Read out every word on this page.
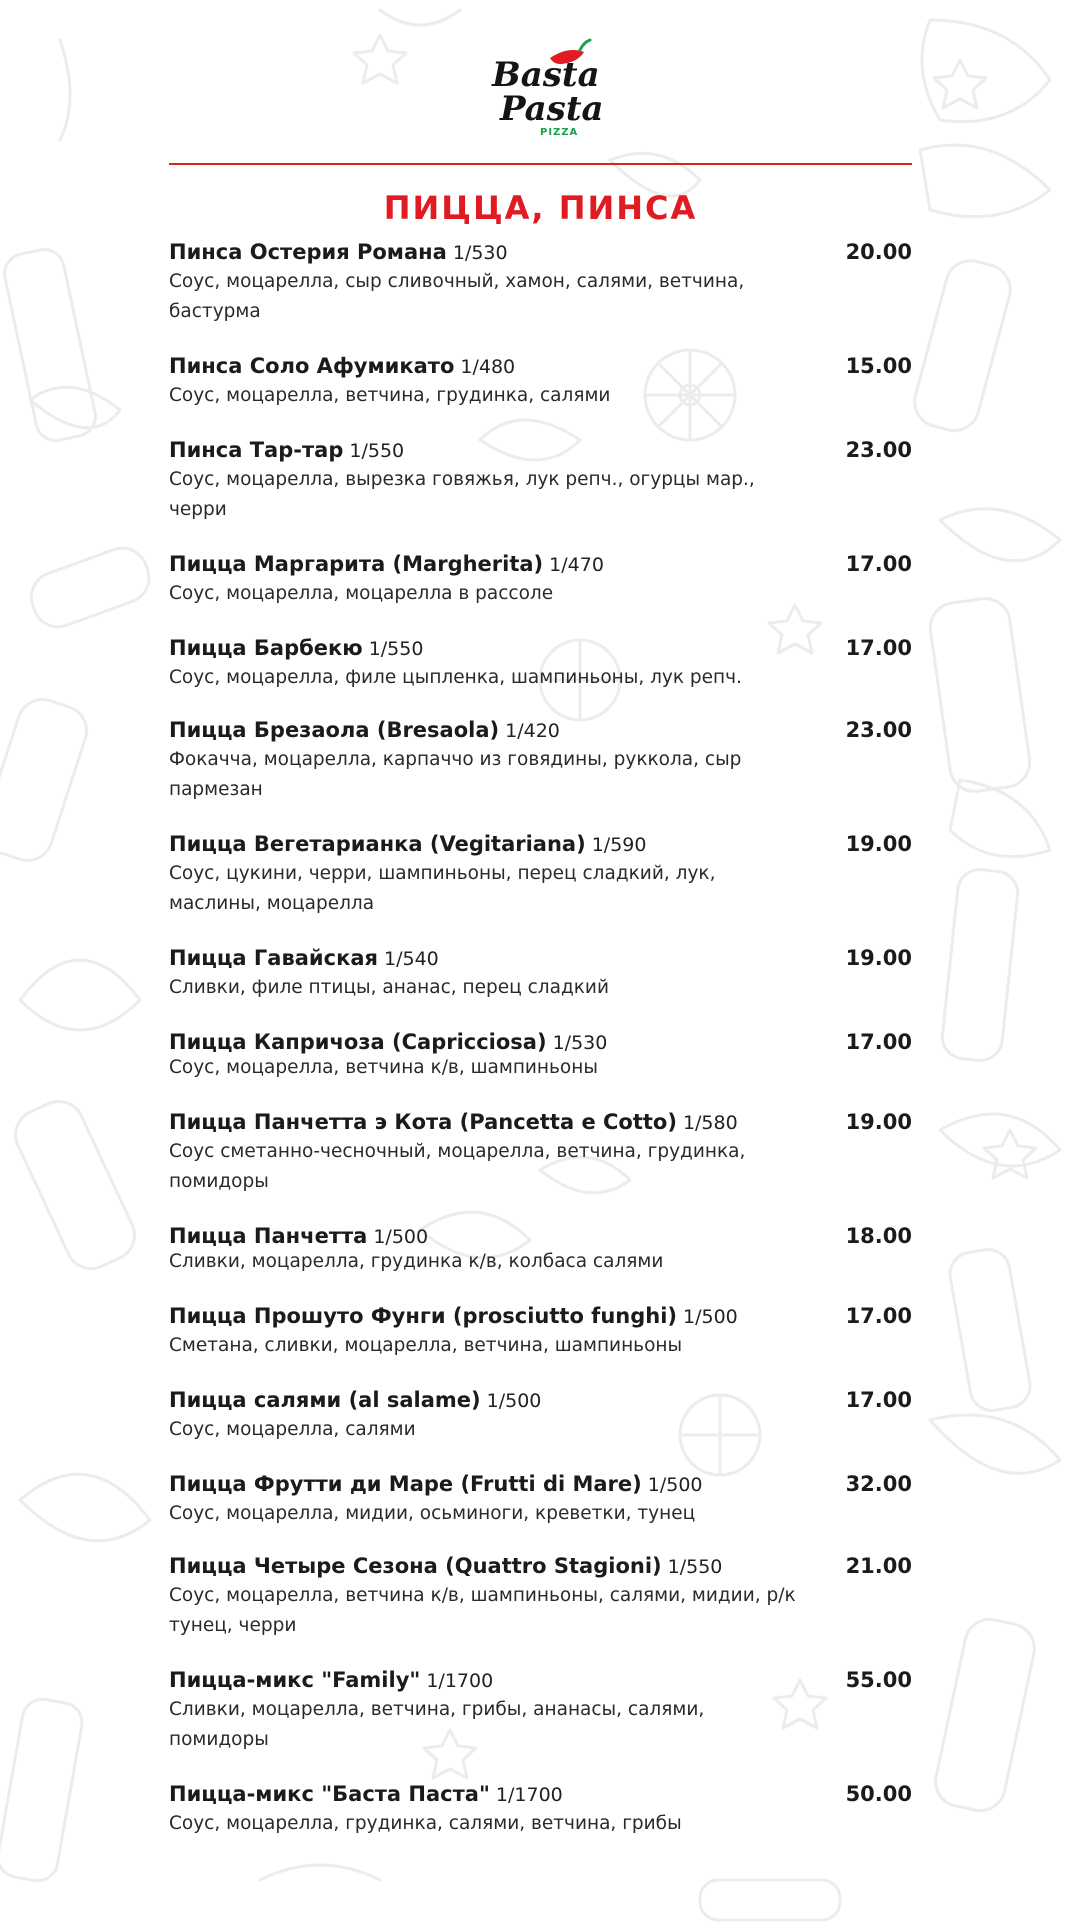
Basta
Pasta
PIZZA
ПИЦЦА, ПИНСА
Пинса Остерия Романа 1/530	20.00
Соус, моцарелла, сыр сливочный, хамон, салями, ветчина, бастурма
Пинса Соло Афумикато 1/480	15.00
Соус, моцарелла, ветчина, грудинка, салями
Пинса Тар-тар 1/550	23.00
Соус, моцарелла, вырезка говяжья, лук репч., огурцы мар., черри
Пицца Маргарита (Margherita) 1/470	17.00
Соус, моцарелла, моцарелла в рассоле
Пицца Барбекю 1/550	17.00
Соус, моцарелла, филе цыпленка, шампиньоны, лук репч.
Пицца Брезаола (Bresaola) 1/420	23.00
Фокачча, моцарелла, карпаччо из говядины, руккола, сыр пармезан
Пицца Вегетарианка (Vegitariana) 1/590	19.00
Соус, цукини, черри, шампиньоны, перец сладкий, лук, маслины, моцарелла
Пицца Гавайская 1/540	19.00
Сливки, филе птицы, ананас, перец сладкий
Пицца Капричоза (Capricciosa) 1/530	17.00
Соус, моцарелла, ветчина к/в, шампиньоны
Пицца Панчетта э Кота (Pancetta e Cotto) 1/580	19.00
Соус сметанно-чесночный, моцарелла, ветчина, грудинка, помидоры
Пицца Панчетта 1/500	18.00
Сливки, моцарелла, грудинка к/в, колбаса салями
Пицца Прошуто Фунги (prosciutto funghi) 1/500	17.00
Сметана, сливки, моцарелла, ветчина, шампиньоны
Пицца салями (al salame) 1/500	17.00
Соус, моцарелла, салями
Пицца Фрутти ди Маре (Frutti di Mare) 1/500	32.00
Соус, моцарелла, мидии, осьминоги, креветки, тунец
Пицца Четыре Сезона (Quattro Stagioni) 1/550	21.00
Соус, моцарелла, ветчина к/в, шампиньоны, салями, мидии, р/к тунец, черри
Пицца-микс "Family" 1/1700	55.00
Сливки, моцарелла, ветчина, грибы, ананасы, салями, помидоры
Пицца-микс "Баста Паста" 1/1700	50.00
Соус, моцарелла, грудинка, салями, ветчина, грибы
